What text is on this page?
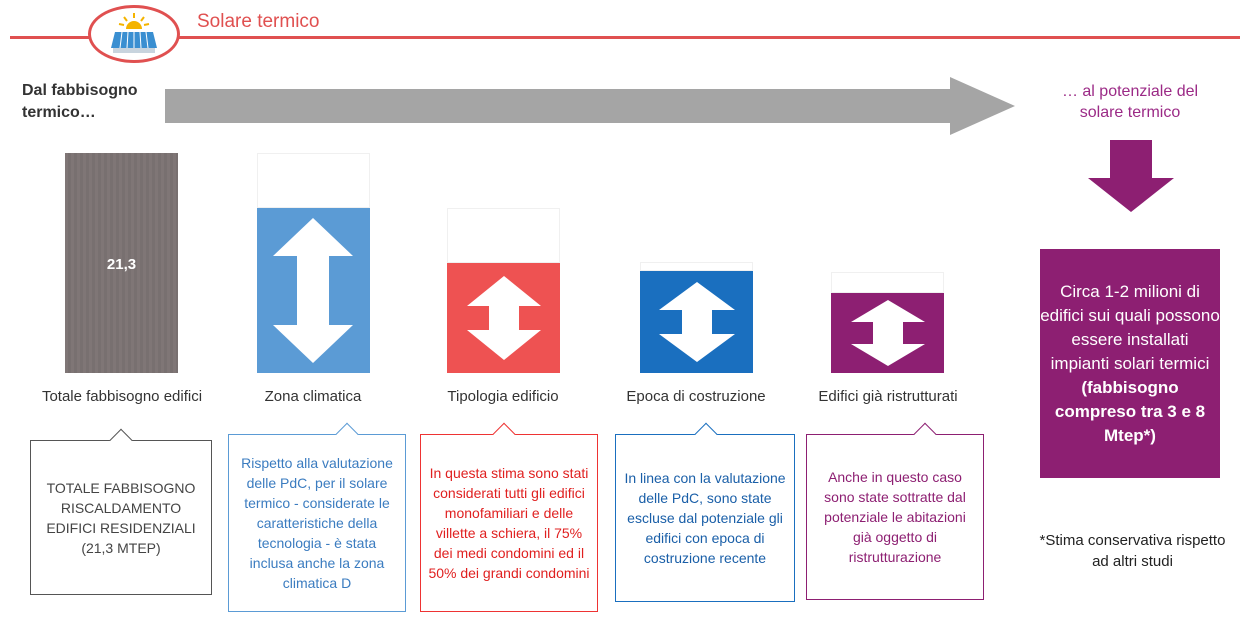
Solare termico
Dal fabbisogno termico…
… al potenziale del solare termico
21,3
Totale fabbisogno edifici	Zona climatica	Tipologia edificio	Epoca di costruzione	Edifici già ristrutturati
TOTALE FABBISOGNO RISCALDAMENTO EDIFICI RESIDENZIALI (21,3 MTEP)
Rispetto alla valutazione delle PdC, per il solare termico - considerate le caratteristiche della tecnologia - è stata inclusa anche la zona climatica D
In questa stima sono stati considerati tutti gli edifici monofamiliari e delle villette a schiera, il 75% dei medi condomini ed il 50% dei grandi condomini
In linea con la valutazione delle PdC, sono state escluse dal potenziale gli edifici con epoca di costruzione recente
Anche in questo caso sono state sottratte dal potenziale le abitazioni già oggetto di ristrutturazione
Circa 1-2 milioni di edifici sui quali possono essere installati impianti solari termici
(fabbisogno compreso tra 3 e 8 Mtep*)
*Stima conservativa rispetto ad altri studi
